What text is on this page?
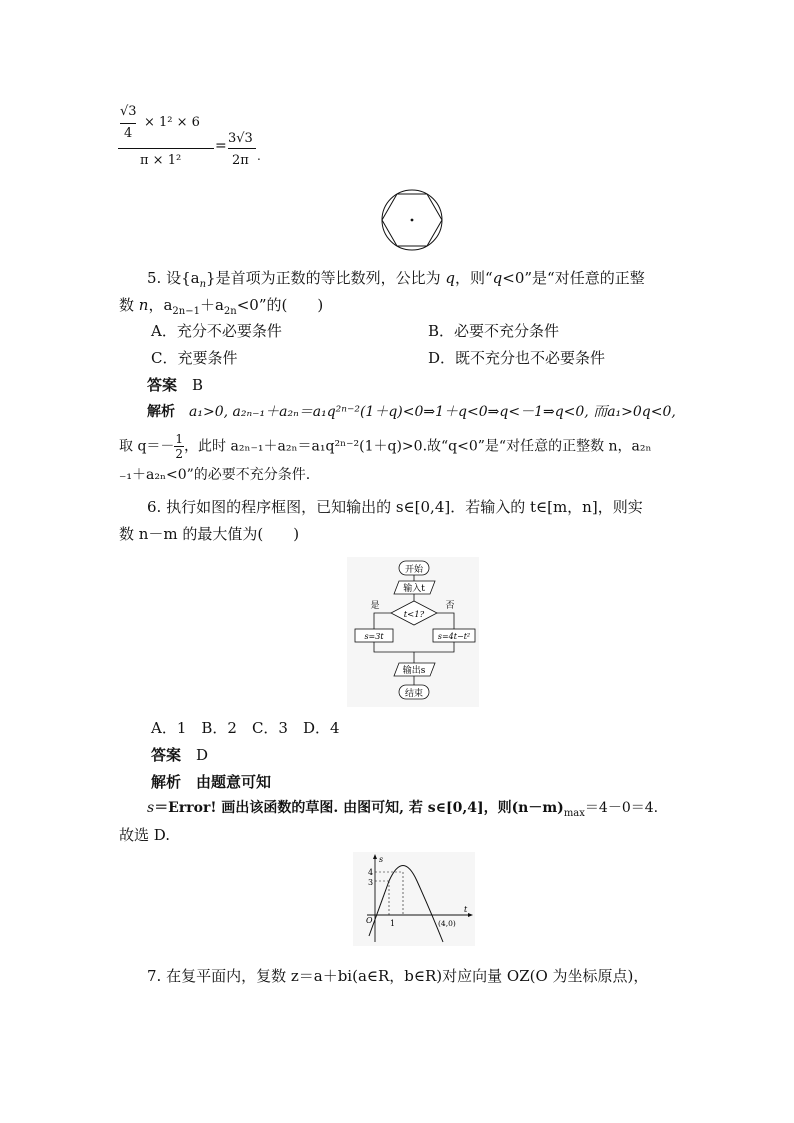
√3
4
× 1² × 6
π × 1²
= 3√3
2π .
5. 设$\{a_n\}$是首项为正数的等比数列，公比为 q，则“q<0”是“对任意的正整
数 n，$a_{2n-1}+a_{2n}<0$”的(　　)
A．充分不必要条件	B．必要不充分条件
C．充要条件	D．既不充分也不必要条件
答案　 B
解析　 a₁>0, a₂ₙ₋₁＋a₂ₙ＝a₁q²ⁿ⁻²(1＋q)<0⇒1＋q<0⇒q<－1⇒q<0, 而a₁>0q<0,
取 $q=- \frac{1}{2}$ ，此时 a₂ₙ₋₁＋a₂ₙ＝a₁q²ⁿ⁻²(1＋q)>0.故“q<0”是“对任意的正整数 n，a₂ₙ
₋₁＋a₂ₙ<0”的必要不充分条件.
6. 执行如图的程序框图，已知输出的 s∈[0,4]．若输入的 t∈[m，n]，则实
数 n－m 的最大值为(　　)
开始
输入t
t<1?
是	否
s=3t	s=4t−t²
输出s
结束
A．1　B．2　C．3　D．4
答案　 D
解析　 由题意可知
s＝Error! 画出该函数的草图. 由图可知, 若 s∈[0,4]，则$(n-m)_{max}=4-0=4$.
故选 D.
s
t
O
4
3
1	(4,0)
7. 在复平面内，复数 z＝a＋bi(a∈R，b∈R)对应向量 OZ(O 为坐标原点)，
